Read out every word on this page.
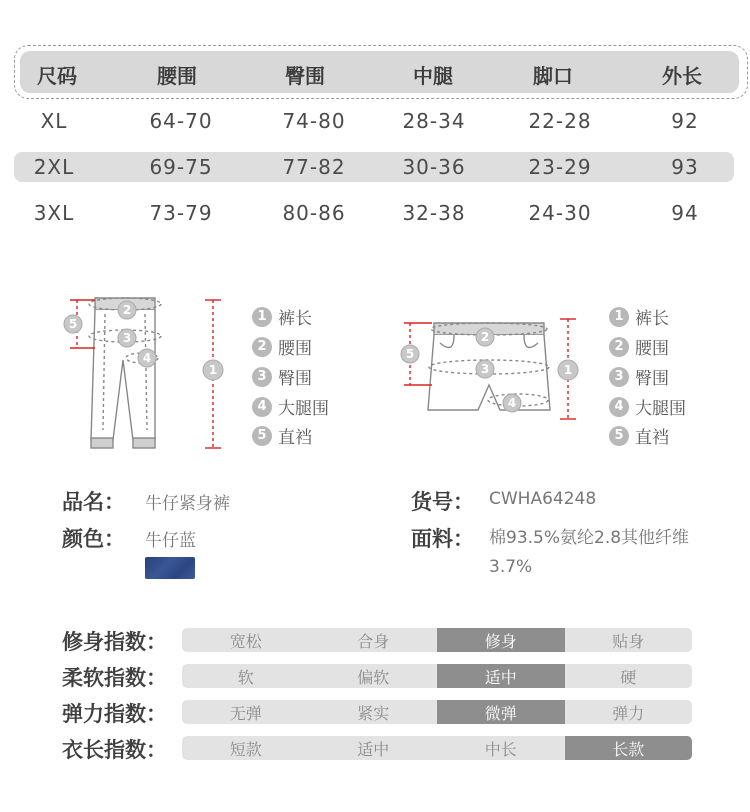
尺码	腰围	臀围	中腿	脚口	外长
XL	64-70	74-80	28-34	22-28	92
2XL	69-75	77-82	30-36	23-29	93
3XL	73-79	80-86	32-38	24-30	94
1
2
3
4
5	1 裤长
2 腰围
3 臀围
4 大腿围
5 直裆
1
2
3
4
5
1 裤长
2 腰围
3 臀围
4 大腿围
5 直裆
品名： 牛仔紧身裤
颜色： 牛仔蓝
货号： CWHA64248
面料： 棉93.5%氨纶2.8其他纤维3.7%
修身指数：	宽松	合身	修身	贴身
柔软指数：	软	偏软	适中	硬
弹力指数：	无弹	紧实	微弹	弹力
衣长指数：	短款	适中	中长	长款
